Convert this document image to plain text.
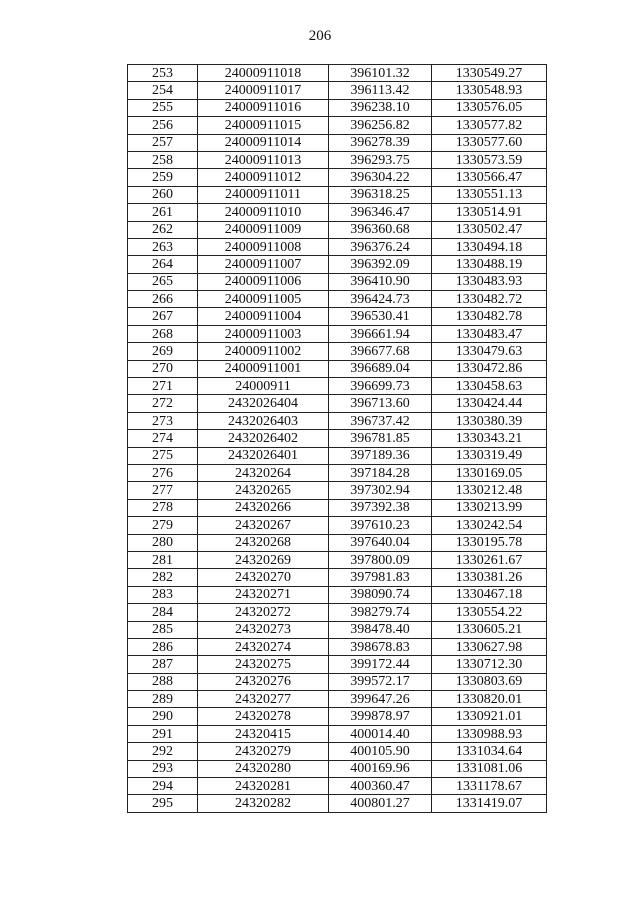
206
253	24000911018	396101.32	1330549.27
254	24000911017	396113.42	1330548.93
255	24000911016	396238.10	1330576.05
256	24000911015	396256.82	1330577.82
257	24000911014	396278.39	1330577.60
258	24000911013	396293.75	1330573.59
259	24000911012	396304.22	1330566.47
260	24000911011	396318.25	1330551.13
261	24000911010	396346.47	1330514.91
262	24000911009	396360.68	1330502.47
263	24000911008	396376.24	1330494.18
264	24000911007	396392.09	1330488.19
265	24000911006	396410.90	1330483.93
266	24000911005	396424.73	1330482.72
267	24000911004	396530.41	1330482.78
268	24000911003	396661.94	1330483.47
269	24000911002	396677.68	1330479.63
270	24000911001	396689.04	1330472.86
271	24000911	396699.73	1330458.63
272	2432026404	396713.60	1330424.44
273	2432026403	396737.42	1330380.39
274	2432026402	396781.85	1330343.21
275	2432026401	397189.36	1330319.49
276	24320264	397184.28	1330169.05
277	24320265	397302.94	1330212.48
278	24320266	397392.38	1330213.99
279	24320267	397610.23	1330242.54
280	24320268	397640.04	1330195.78
281	24320269	397800.09	1330261.67
282	24320270	397981.83	1330381.26
283	24320271	398090.74	1330467.18
284	24320272	398279.74	1330554.22
285	24320273	398478.40	1330605.21
286	24320274	398678.83	1330627.98
287	24320275	399172.44	1330712.30
288	24320276	399572.17	1330803.69
289	24320277	399647.26	1330820.01
290	24320278	399878.97	1330921.01
291	24320415	400014.40	1330988.93
292	24320279	400105.90	1331034.64
293	24320280	400169.96	1331081.06
294	24320281	400360.47	1331178.67
295	24320282	400801.27	1331419.07
